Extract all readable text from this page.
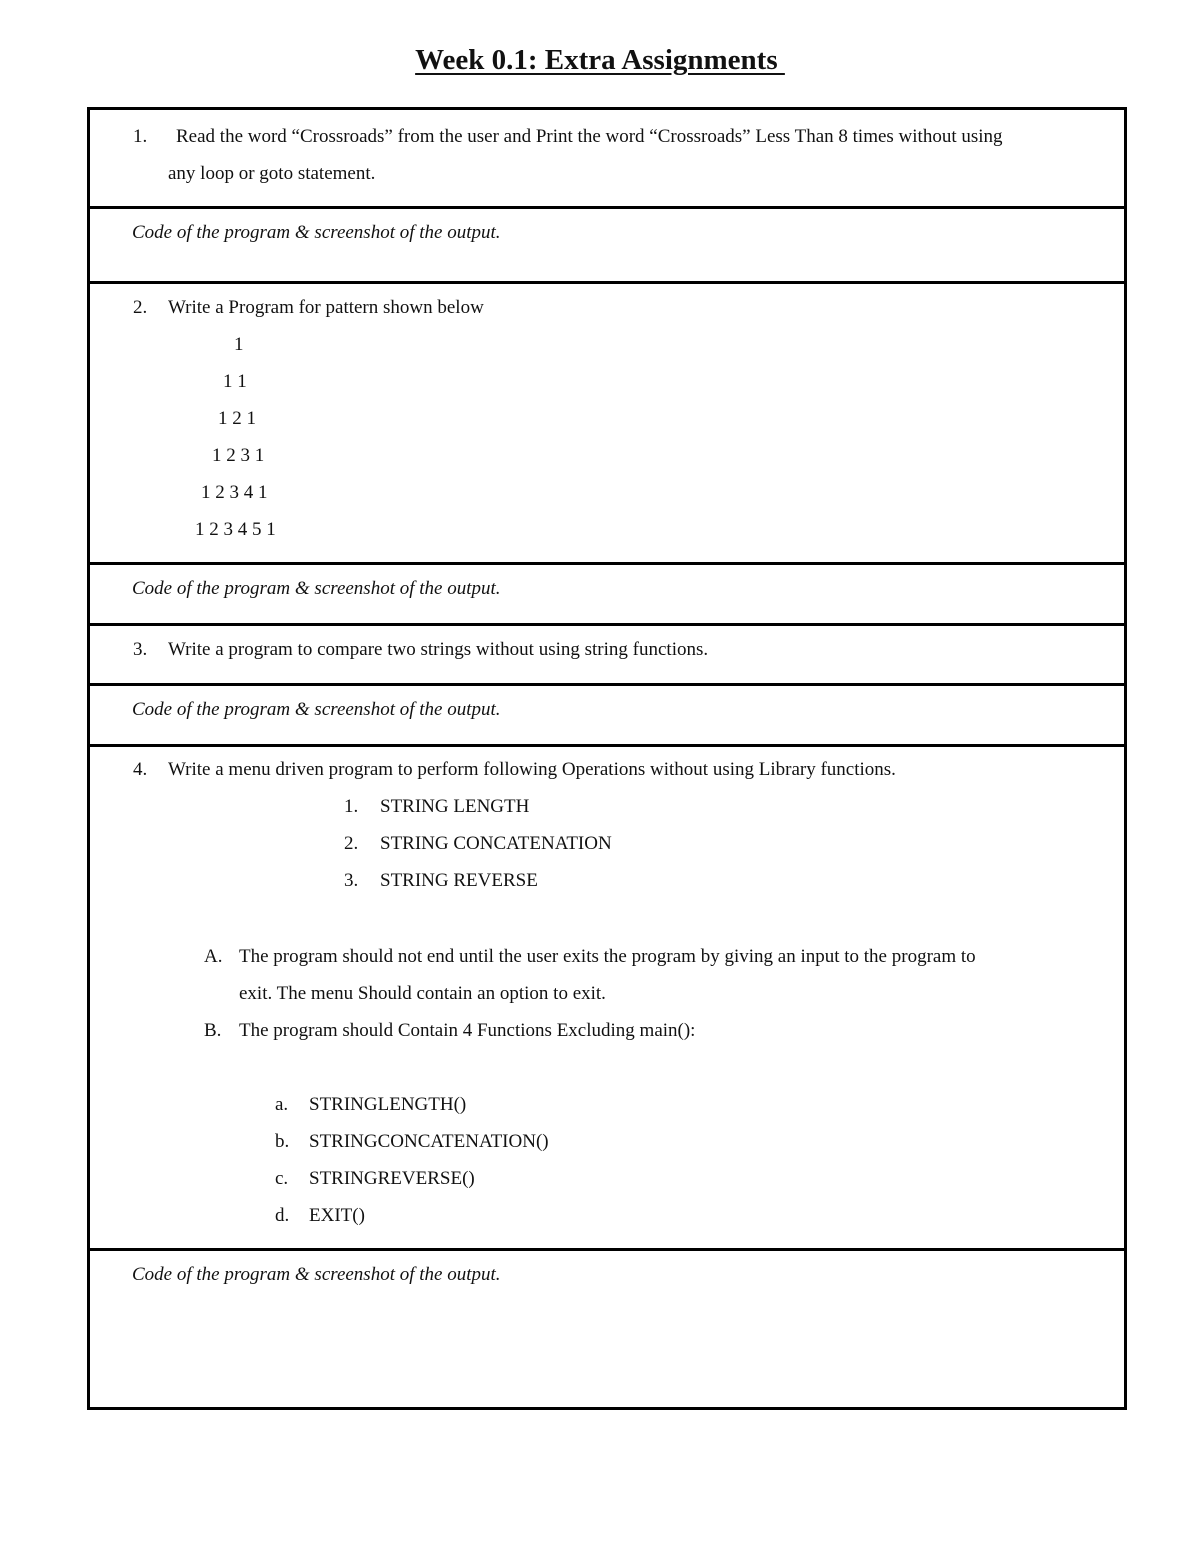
Week 0.1: Extra Assignments
1. Read the word “Crossroads” from the user and Print the word “Crossroads” Less Than 8 times without using
any loop or goto statement.
Code of the program & screenshot of the output.
2. Write a Program for pattern shown below
1
1 1
1 2 1
1 2 3 1
1 2 3 4 1
1 2 3 4 5 1
Code of the program & screenshot of the output.
3. Write a program to compare two strings without using string functions.
Code of the program & screenshot of the output.
4. Write a menu driven program to perform following Operations without using Library functions.
1. STRING LENGTH
2. STRING CONCATENATION
3. STRING REVERSE
A. The program should not end until the user exits the program by giving an input to the program to
exit. The menu Should contain an option to exit.
B. The program should Contain 4 Functions Excluding main():
a. STRINGLENGTH()
b. STRINGCONCATENATION()
c. STRINGREVERSE()
d. EXIT()
Code of the program & screenshot of the output.
